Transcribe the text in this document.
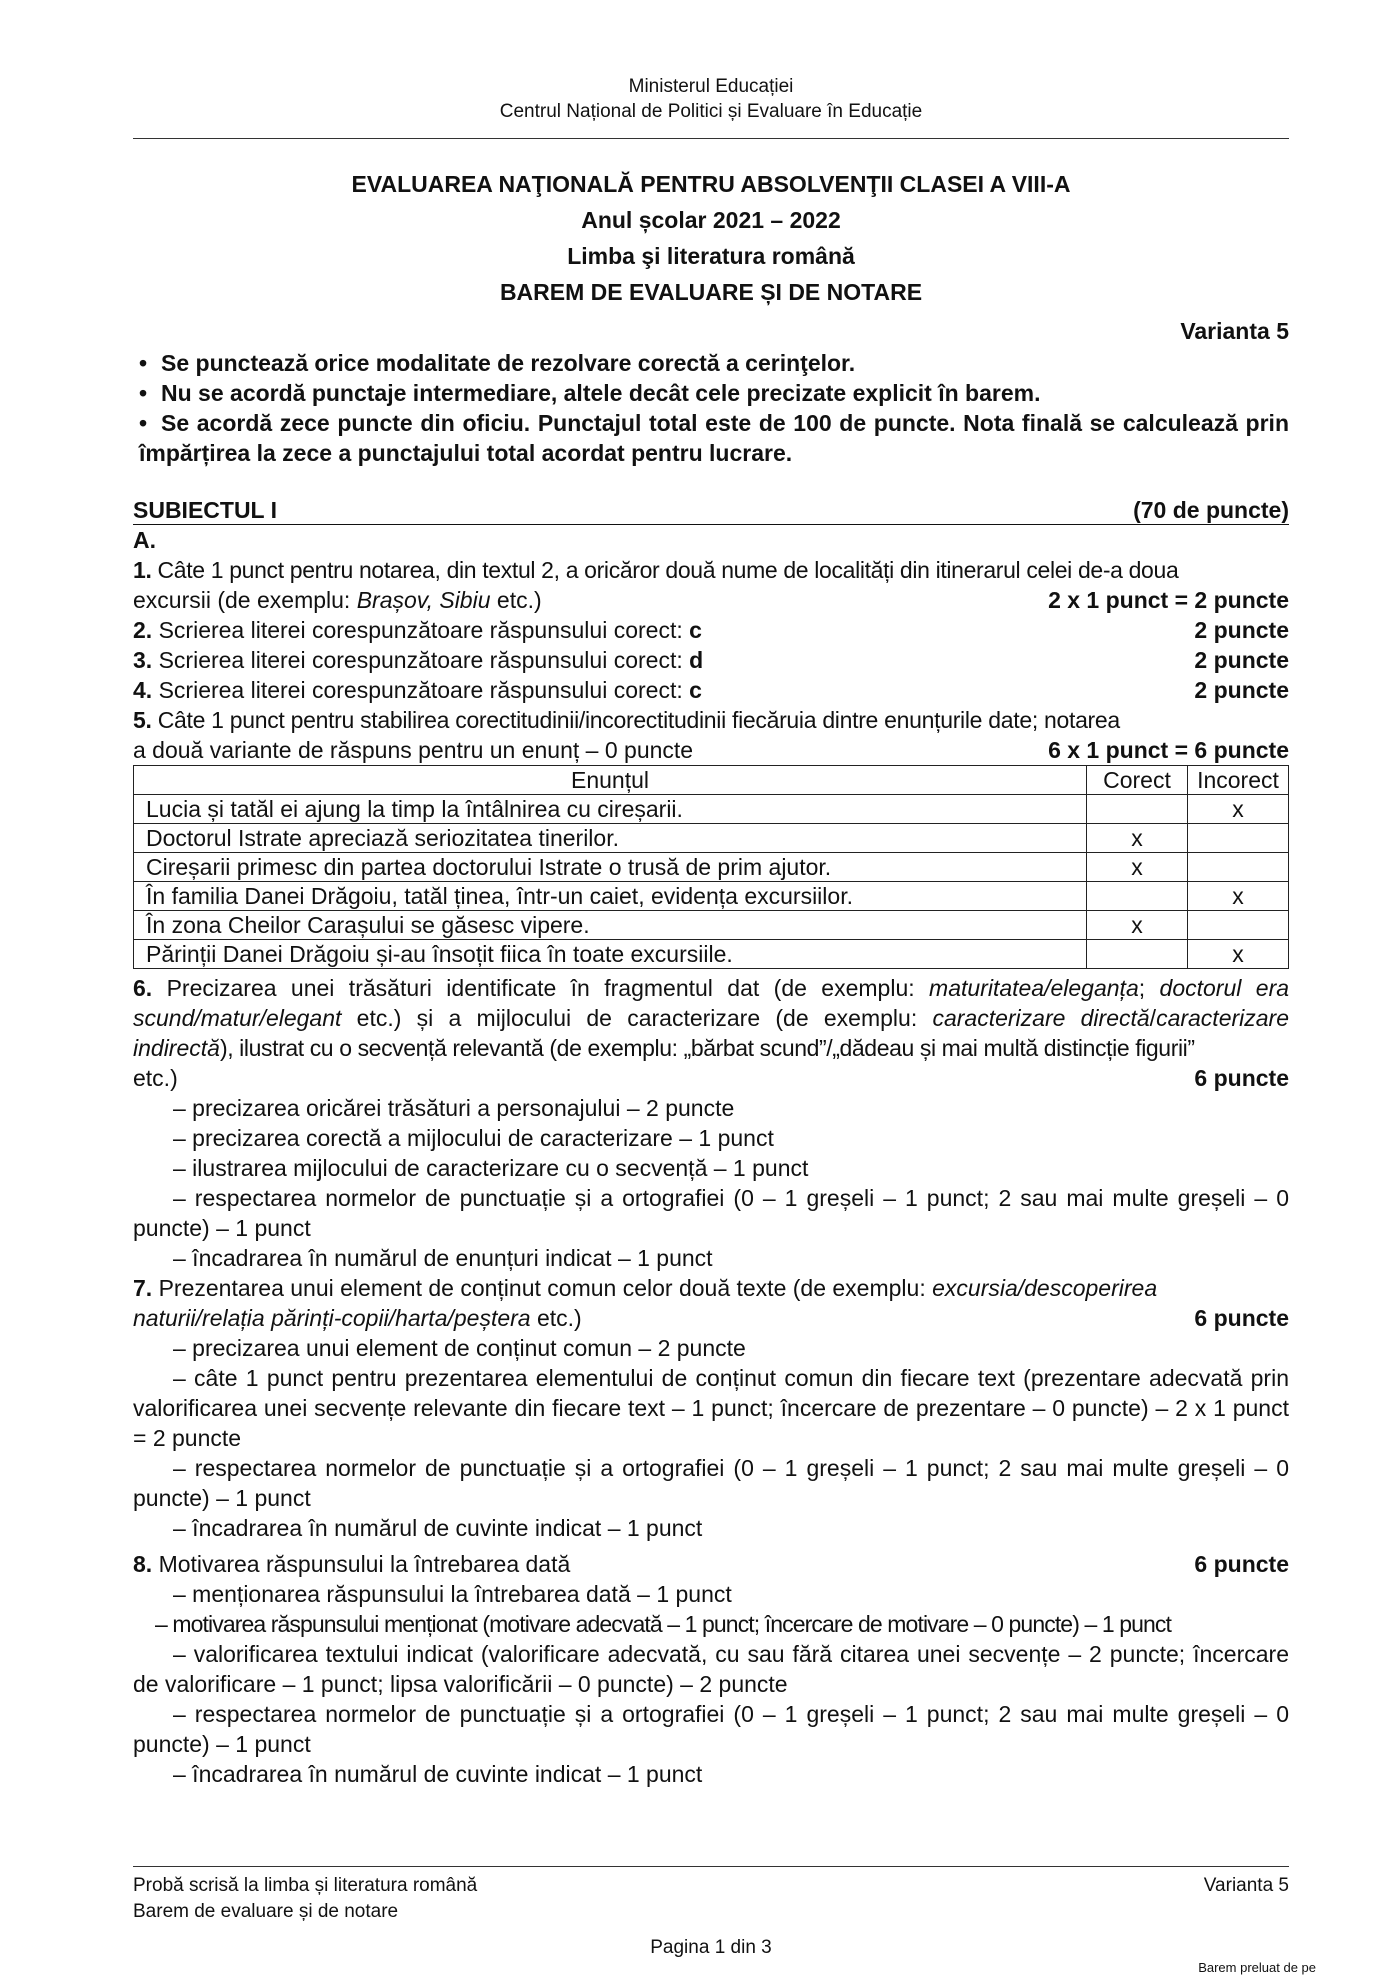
Ministerul Educației
Centrul Național de Politici și Evaluare în Educație
EVALUAREA NAŢIONALĂ PENTRU ABSOLVENŢII CLASEI A VIII-A
Anul școlar 2021 – 2022
Limba şi literatura română
BAREM DE EVALUARE ȘI DE NOTARE
Varianta 5
• Se punctează orice modalitate de rezolvare corectă a cerinţelor.
• Nu se acordă punctaje intermediare, altele decât cele precizate explicit în barem.
• Se acordă zece puncte din oficiu. Punctajul total este de 100 de puncte. Nota finală se calculează prin împărțirea la zece a punctajului total acordat pentru lucrare.
SUBIECTUL I	(70 de puncte)
A.
1. Câte 1 punct pentru notarea, din textul 2, a oricăror două nume de localități din itinerarul celei de-a doua
excursii (de exemplu: Brașov, Sibiu etc.)	2 x 1 punct = 2 puncte
2. Scrierea literei corespunzătoare răspunsului corect: c	2 puncte
3. Scrierea literei corespunzătoare răspunsului corect: d	2 puncte
4. Scrierea literei corespunzătoare răspunsului corect: c	2 puncte
5. Câte 1 punct pentru stabilirea corectitudinii/incorectitudinii fiecăruia dintre enunțurile date; notarea
a două variante de răspuns pentru un enunț – 0 puncte	6 x 1 punct = 6 puncte
Enunțul	Corect	Incorect
Lucia și tatăl ei ajung la timp la întâlnirea cu cireșarii.		x
Doctorul Istrate apreciază seriozitatea tinerilor.	x	
Cireșarii primesc din partea doctorului Istrate o trusă de prim ajutor.	x	
În familia Danei Drăgoiu, tatăl ținea, într-un caiet, evidența excursiilor.		x
În zona Cheilor Carașului se găsesc vipere.	x	
Părinții Danei Drăgoiu și-au însoțit fiica în toate excursiile.		x
6. Precizarea unei trăsături identificate în fragmentul dat (de exemplu: maturitatea/eleganța; doctorul era scund/matur/elegant etc.) și a mijlocului de caracterizare (de exemplu: caracterizare directă/caracterizare indirectă), ilustrat cu o secvență relevantă (de exemplu: „bărbat scund”/„dădeau și mai multă distincție figurii”
etc.)	6 puncte
– precizarea oricărei trăsături a personajului – 2 puncte
– precizarea corectă a mijlocului de caracterizare – 1 punct
– ilustrarea mijlocului de caracterizare cu o secvență – 1 punct
– respectarea normelor de punctuație și a ortografiei (0 – 1 greșeli – 1 punct; 2 sau mai multe greșeli – 0 puncte) – 1 punct
– încadrarea în numărul de enunțuri indicat – 1 punct
7. Prezentarea unui element de conținut comun celor două texte (de exemplu: excursia/descoperirea
naturii/relația părinți-copii/harta/peștera etc.)	6 puncte
– precizarea unui element de conținut comun – 2 puncte
– câte 1 punct pentru prezentarea elementului de conținut comun din fiecare text (prezentare adecvată prin valorificarea unei secvențe relevante din fiecare text – 1 punct; încercare de prezentare – 0 puncte) – 2 x 1 punct = 2 puncte
– respectarea normelor de punctuație și a ortografiei (0 – 1 greșeli – 1 punct; 2 sau mai multe greșeli – 0 puncte) – 1 punct
– încadrarea în numărul de cuvinte indicat – 1 punct
8. Motivarea răspunsului la întrebarea dată	6 puncte
– menționarea răspunsului la întrebarea dată – 1 punct
– motivarea răspunsului menționat (motivare adecvată – 1 punct; încercare de motivare – 0 puncte) – 1 punct
– valorificarea textului indicat (valorificare adecvată, cu sau fără citarea unei secvențe – 2 puncte; încercare de valorificare – 1 punct; lipsa valorificării – 0 puncte) – 2 puncte
– respectarea normelor de punctuație și a ortografiei (0 – 1 greșeli – 1 punct; 2 sau mai multe greșeli – 0 puncte) – 1 punct
– încadrarea în numărul de cuvinte indicat – 1 punct
Probă scrisă la limba și literatura română	Varianta 5
Barem de evaluare și de notare
Pagina 1 din 3
Barem preluat de pe
